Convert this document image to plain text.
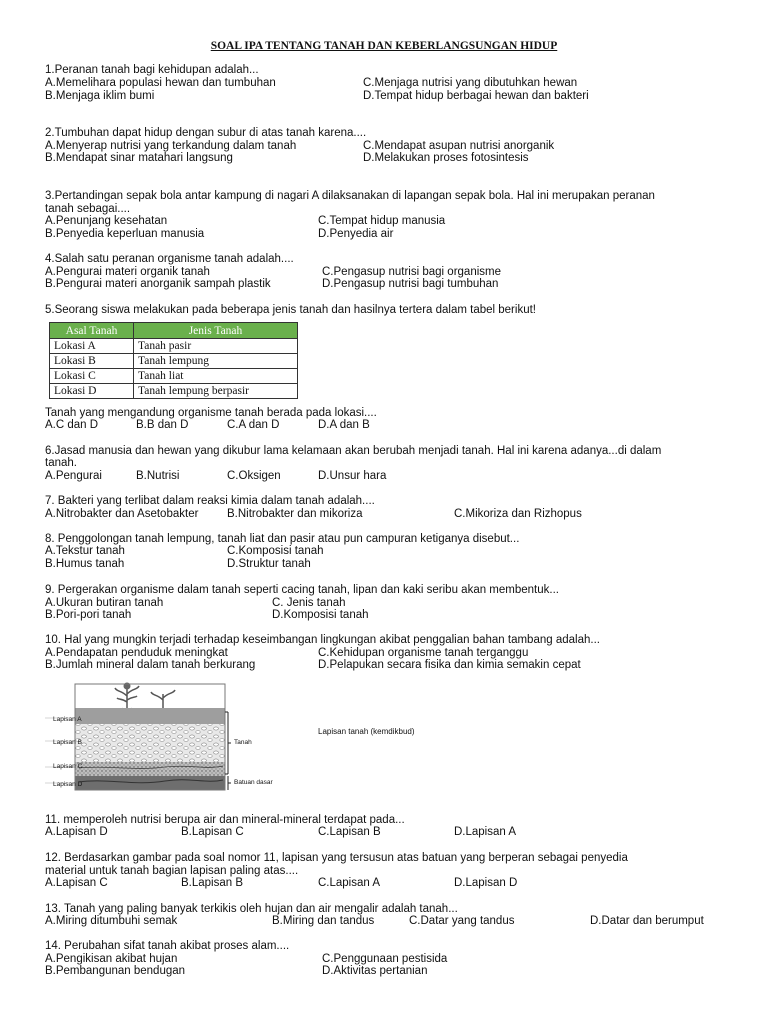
SOAL IPA TENTANG TANAH DAN KEBERLANGSUNGAN HIDUP
1.Peranan tanah bagi kehidupan adalah...
A.Memelihara populasi hewan dan tumbuhan
B.Menjaga iklim bumi
C.Menjaga nutrisi yang dibutuhkan hewan
D.Tempat hidup berbagai hewan dan bakteri
2.Tumbuhan dapat hidup dengan subur di atas tanah karena....
A.Menyerap nutrisi yang terkandung dalam tanah
B.Mendapat sinar matahari langsung
C.Mendapat asupan nutrisi anorganik
D.Melakukan proses fotosintesis
3.Pertandingan sepak bola antar kampung di nagari A dilaksanakan di lapangan sepak bola. Hal ini merupakan peranan
tanah sebagai....
A.Penunjang kesehatan
B.Penyedia keperluan manusia
C.Tempat hidup manusia
D.Penyedia air
4.Salah satu peranan organisme tanah adalah....
A.Pengurai materi organik tanah
B.Pengurai materi anorganik sampah plastik
C.Pengasup nutrisi bagi organisme
D.Pengasup nutrisi bagi tumbuhan
5.Seorang siswa melakukan pada beberapa jenis tanah dan hasilnya tertera dalam tabel berikut!
Asal Tanah	Jenis Tanah
Lokasi A	Tanah pasir
Lokasi B	Tanah lempung
Lokasi C	Tanah liat
Lokasi D	Tanah lempung berpasir
Tanah yang mengandung organisme tanah berada pada lokasi....
A.C dan D	B.B dan D	C.A dan D	D.A dan B
6.Jasad manusia dan hewan yang dikubur lama kelamaan akan berubah menjadi tanah. Hal ini karena adanya...di dalam
tanah.
A.Pengurai	B.Nutrisi	C.Oksigen	D.Unsur hara
7. Bakteri yang terlibat dalam reaksi kimia dalam tanah adalah....
A.Nitrobakter dan Asetobakter B.Nitrobakter dan mikoriza	C.Mikoriza dan Rizhopus
8. Penggolongan tanah lempung, tanah liat dan pasir atau pun campuran ketiganya disebut...
A.Tekstur tanah
B.Humus tanah
C.Komposisi tanah
D.Struktur tanah
9. Pergerakan organisme dalam tanah seperti cacing tanah, lipan dan kaki seribu akan membentuk...
A.Ukuran butiran tanah
B.Pori-pori tanah
C. Jenis tanah
D.Komposisi tanah
10. Hal yang mungkin terjadi terhadap keseimbangan lingkungan akibat penggalian bahan tambang adalah...
A.Pendapatan penduduk meningkat
B.Jumlah mineral dalam tanah berkurang
C.Kehidupan organisme tanah terganggu
D.Pelapukan secara fisika dan kimia semakin cepat
Lapisan A
Lapisan B
Lapisan C
Lapisan D
Tanah
Batuan dasar
Lapisan tanah (kemdikbud)
11. memperoleh nutrisi berupa air dan mineral-mineral terdapat pada...
A.Lapisan D	B.Lapisan C	C.Lapisan B	D.Lapisan A
12. Berdasarkan gambar pada soal nomor 11, lapisan yang tersusun atas batuan yang berperan sebagai penyedia
material untuk tanah bagian lapisan paling atas....
A.Lapisan C	B.Lapisan B	C.Lapisan A	D.Lapisan D
13. Tanah yang paling banyak terkikis oleh hujan dan air mengalir adalah tanah...
A.Miring ditumbuhi semak	B.Miring dan tandus	C.Datar yang tandus	D.Datar dan berumput
14. Perubahan sifat tanah akibat proses alam....
A.Pengikisan akibat hujan
B.Pembangunan bendugan
C.Penggunaan pestisida
D.Aktivitas pertanian
